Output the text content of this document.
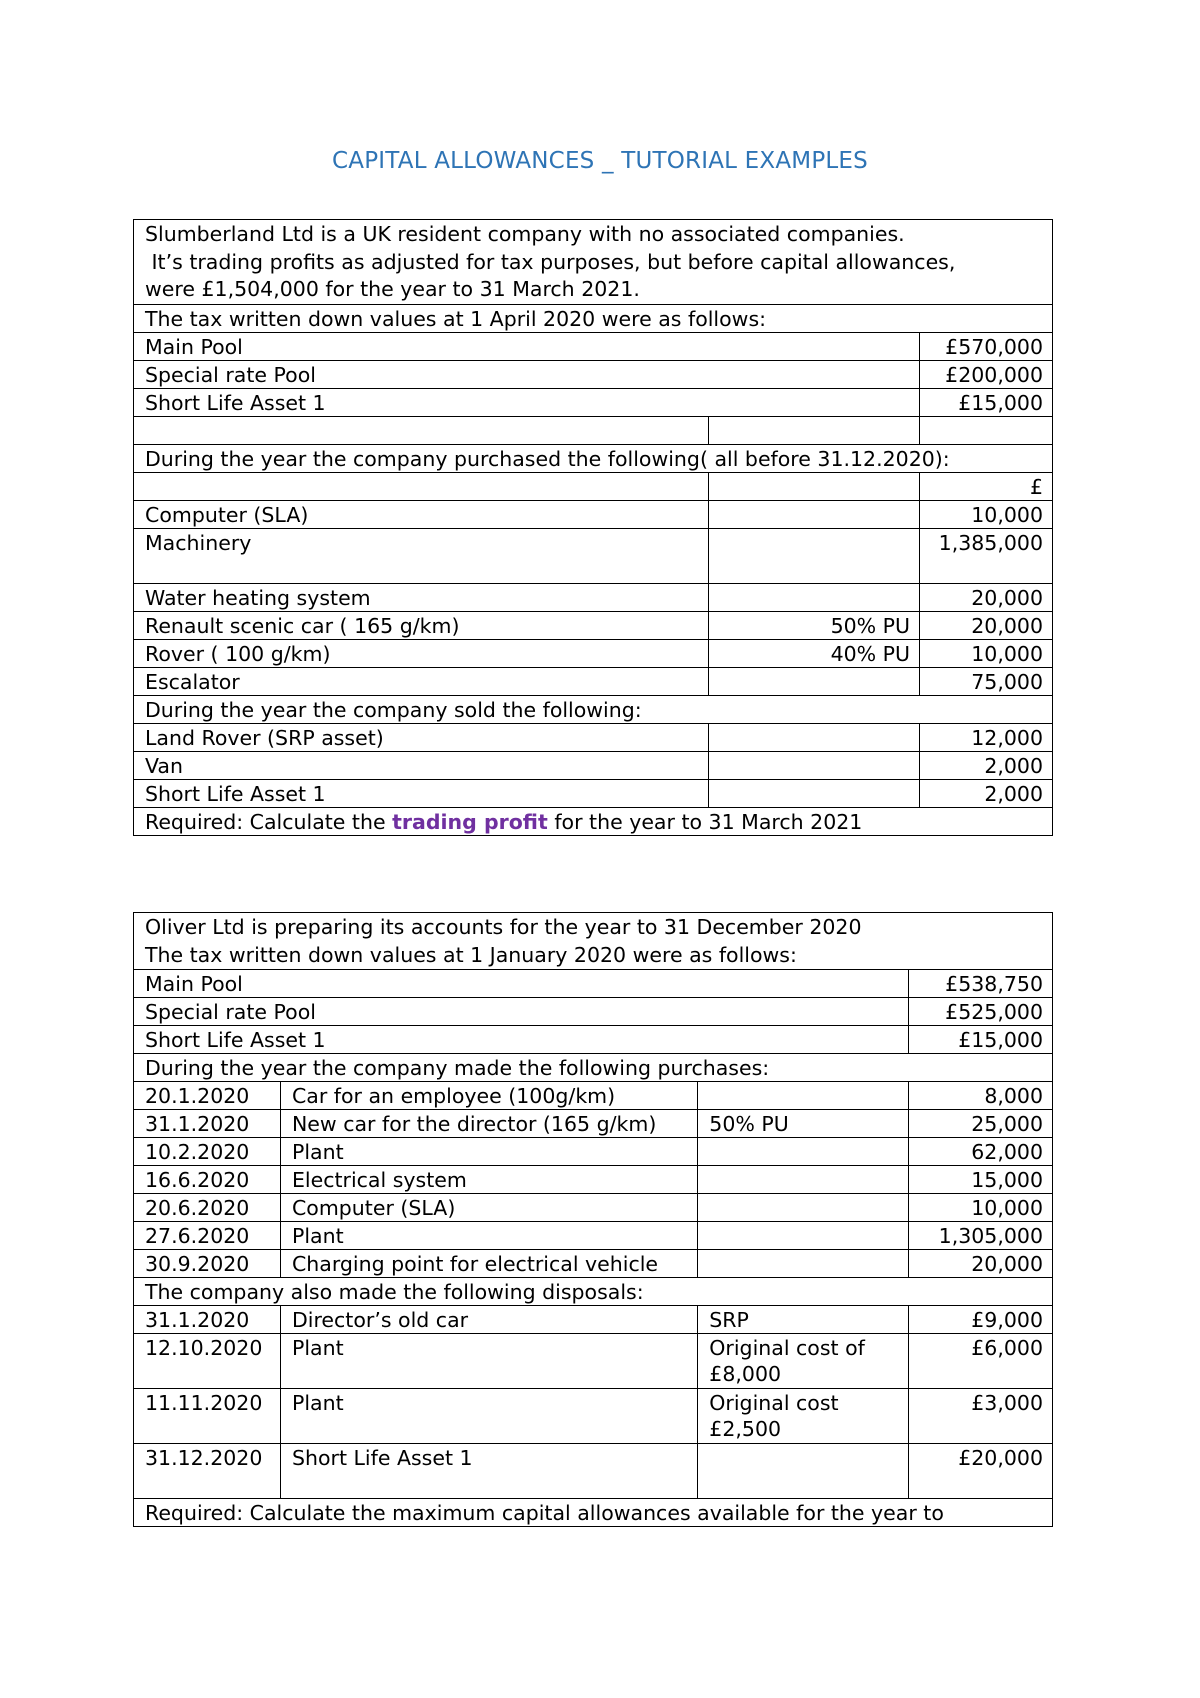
CAPITAL ALLOWANCES _ TUTORIAL EXAMPLES
Slumberland Ltd is a UK resident company with no associated companies.
It’s trading profits as adjusted for tax purposes, but before capital allowances,
were £1,504,000 for the year to 31 March 2021.		

The tax written down values at 1 April 2020 were as follows:		
Main Pool		£570,000
Special rate Pool		£200,000
Short Life Asset 1		£15,000

During the year the company purchased the following( all before 31.12.2020):		
		£
Computer (SLA)		10,000
Machinery		1,385,000
Water heating system		20,000
Renault scenic car ( 165 g/km)	50% PU	20,000
Rover ( 100 g/km)	40% PU	10,000
Escalator		75,000
During the year the company sold the following:		
Land Rover (SRP asset)		12,000
Van		2,000
Short Life Asset 1		2,000
Required: Calculate the trading profit for the year to 31 March 2021		
Oliver Ltd is preparing its accounts for the year to 31 December 2020
The tax written down values at 1 January 2020 were as follows:			

Main Pool			£538,750
Special rate Pool			£525,000
Short Life Asset 1			£15,000
During the year the company made the following purchases:			
20.1.2020	Car for an employee (100g/km)		8,000
31.1.2020	New car for the director (165 g/km)	50% PU	25,000
10.2.2020	Plant		62,000
16.6.2020	Electrical system		15,000
20.6.2020	Computer (SLA)		10,000
27.6.2020	Plant		1,305,000
30.9.2020	Charging point for electrical vehicle		20,000
The company also made the following disposals:			
31.1.2020	Director’s old car	SRP	£9,000
12.10.2020	Plant	Original cost of £8,000	£6,000
11.11.2020	Plant	Original cost £2,500	£3,000
31.12.2020	Short Life Asset 1		£20,000
Required: Calculate the maximum capital allowances available for the year to			
